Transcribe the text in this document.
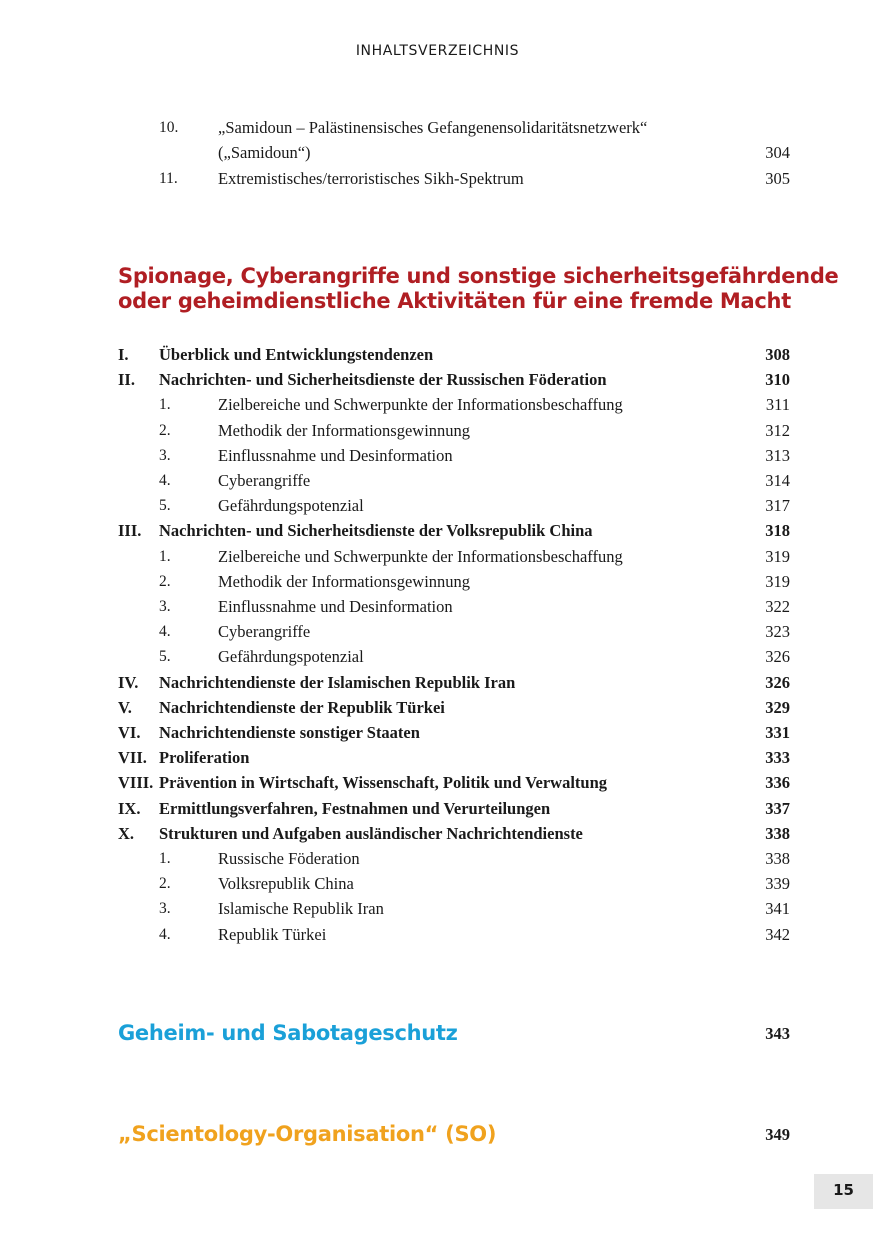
INHALTSVERZEICHNIS
10. „Samidoun – Palästinensisches Gefangenensolidaritätsnetzwerk“
(„Samidoun“)	304
11. Extremistisches/terroristisches Sikh-Spektrum	305
Spionage, Cyberangriffe und sonstige sicherheitsgefährdende
oder geheimdienstliche Aktivitäten für eine fremde Macht
I. Überblick und Entwicklungstendenzen	308
II. Nachrichten- und Sicherheitsdienste der Russischen Föderation	310
1.	Zielbereiche und Schwerpunkte der Informationsbeschaffung	311
2.	Methodik der Informationsgewinnung	312
3.	Einflussnahme und Desinformation	313
4.	Cyberangriffe	314
5.	Gefährdungspotenzial	317
III. Nachrichten- und Sicherheitsdienste der Volksrepublik China	318
1.	Zielbereiche und Schwerpunkte der Informationsbeschaffung	319
2.	Methodik der Informationsgewinnung	319
3.	Einflussnahme und Desinformation	322
4.	Cyberangriffe	323
5.	Gefährdungspotenzial	326
IV. Nachrichtendienste der Islamischen Republik Iran	326
V. Nachrichtendienste der Republik Türkei	329
VI. Nachrichtendienste sonstiger Staaten	331
VII. Proliferation	333
VIII. Prävention in Wirtschaft, Wissenschaft, Politik und Verwaltung	336
IX. Ermittlungsverfahren, Festnahmen und Verurteilungen	337
X. Strukturen und Aufgaben ausländischer Nachrichtendienste	338
1.	Russische Föderation	338
2.	Volksrepublik China	339
3.	Islamische Republik Iran	341
4.	Republik Türkei	342
Geheim- und Sabotageschutz	343
„Scientology-Organisation“ (SO)	349
15
